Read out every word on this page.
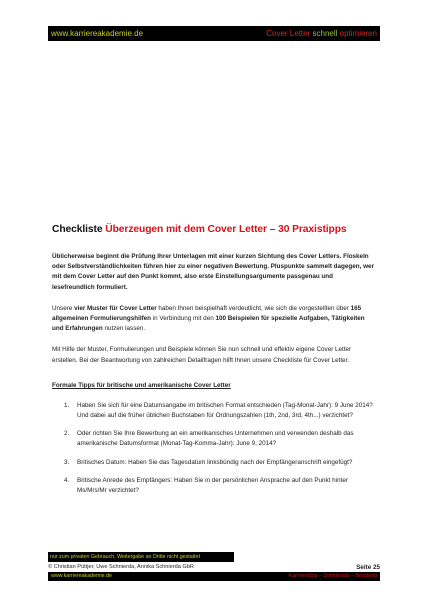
www.karriereakademie.de	Cover Letter schnell optimieren
Checkliste Überzeugen mit dem Cover Letter – 30 Praxistipps

Üblicherweise beginnt die Prüfung Ihrer Unterlagen mit einer kurzen Sichtung des Cover Letters. Floskeln oder Selbstverständlichkeiten führen hier zu einer negativen Bewertung. Pluspunkte sammelt dagegen, wer mit dem Cover Letter auf den Punkt kommt, also erste Einstellungsargumente passgenau und lesefreundlich formuliert.

Unsere vier Muster für Cover Letter haben Ihnen beispielhaft verdeutlicht, wie sich die vorgestellten über 165 allgemeinen Formulierungshilfen in Verbindung mit den 100 Beispielen für spezielle Aufgaben, Tätigkeiten und Erfahrungen nutzen lassen.

Mit Hilfe der Muster, Formulierungen und Beispiele können Sie nun schnell und effektiv eigene Cover Letter erstellen. Bei der Beantwortung von zahlreichen Detailfragen hilft Ihnen unsere Checkliste für Cover Letter.

Formale Tipps für britische und amerikanische Cover Letter
1.	Haben Sie sich für eine Datumsangabe im britischen Format entschieden (Tag-Monat-Jahr): 9 June 2014?

Und dabei auf die früher üblichen Buchstaben für Ordnungszahlen (1th, 2nd, 3rd, 4th...) verzichtet?

2.	Oder richten Sie Ihre Bewerbung an ein amerikanisches Unternehmen und verwenden deshalb das amerikanische Datumsformat (Monat-Tag-Komma-Jahr): June 9, 2014?

3.	Britisches Datum: Haben Sie das Tagesdatum linksbündig nach der Empfängeranschrift eingefügt?

4.	Britische Anrede des Empfängers: Haben Sie in der persönlichen Ansprache auf den Punkt hinter Ms/Mrs/Mr verzichtet?

nur zum privaten Gebrauch, Weitergabe an Dritte nicht gestattet
© Christian Püttjer, Uwe Schnierda, Annika Schnierda GbR	Seite 25
www.karriereakademie.de	Karriereblog – Downloads – Beratung
